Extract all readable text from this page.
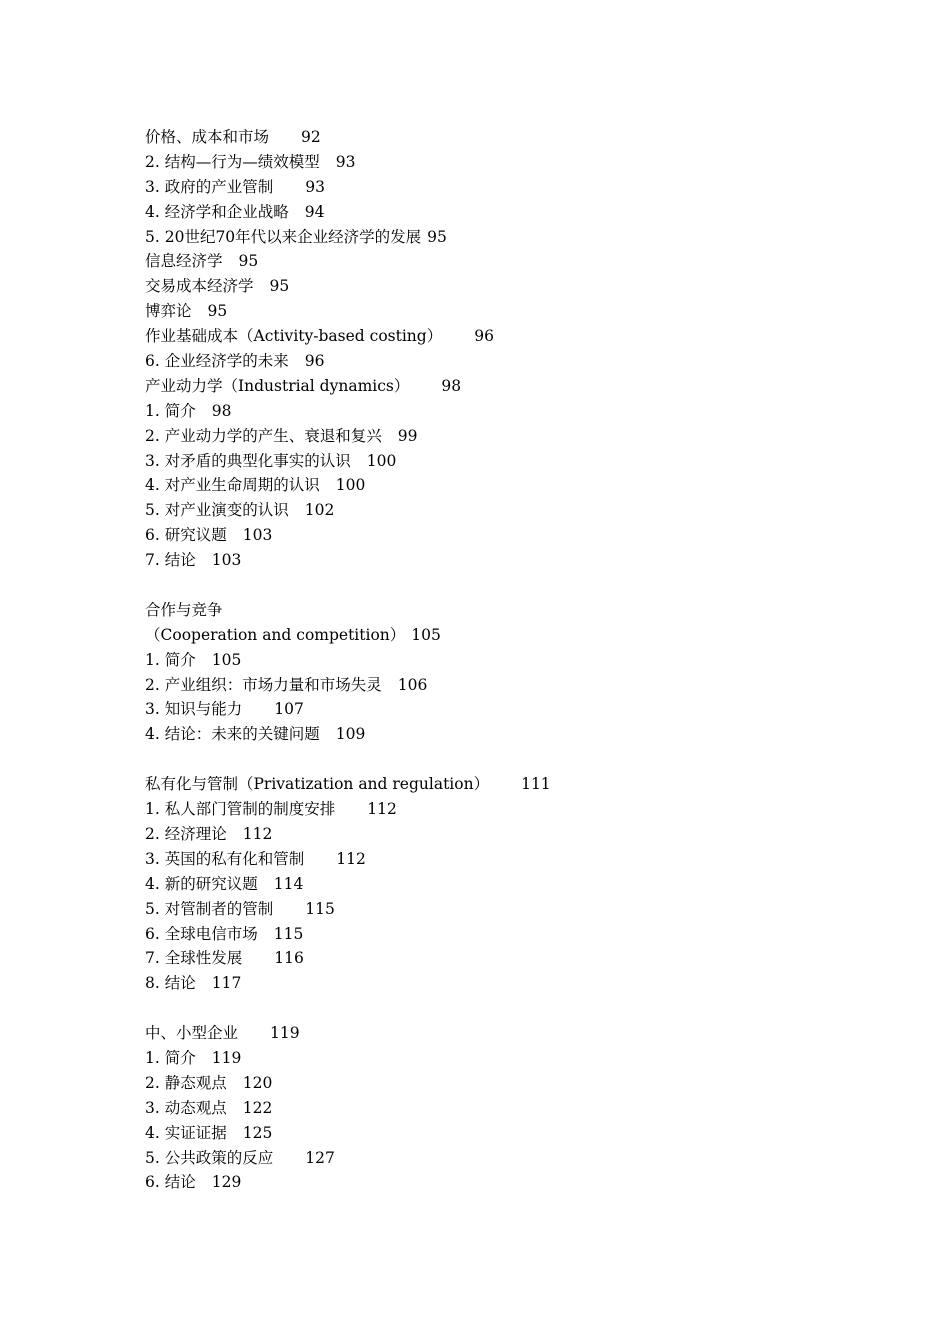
价格、成本和市场 92
2. 结构—行为—绩效模型 93
3. 政府的产业管制 93
4. 经济学和企业战略 94
5. 20世纪70年代以来企业经济学的发展 95
信息经济学 95
交易成本经济学 95
博弈论 95
作业基础成本（Activity-based costing） 96
6. 企业经济学的未来 96
产业动力学（Industrial dynamics） 98
1. 简介 98
2. 产业动力学的产生、衰退和复兴 99
3. 对矛盾的典型化事实的认识 100
4. 对产业生命周期的认识 100
5. 对产业演变的认识 102
6. 研究议题 103
7. 结论 103
合作与竞争
（Cooperation and competition） 105
1. 简介 105
2. 产业组织：市场力量和市场失灵 106
3. 知识与能力 107
4. 结论：未来的关键问题 109
私有化与管制（Privatization and regulation） 111
1. 私人部门管制的制度安排 112
2. 经济理论 112
3. 英国的私有化和管制 112
4. 新的研究议题 114
5. 对管制者的管制 115
6. 全球电信市场 115
7. 全球性发展 116
8. 结论 117
中、小型企业 119
1. 简介 119
2. 静态观点 120
3. 动态观点 122
4. 实证证据 125
5. 公共政策的反应 127
6. 结论 129
